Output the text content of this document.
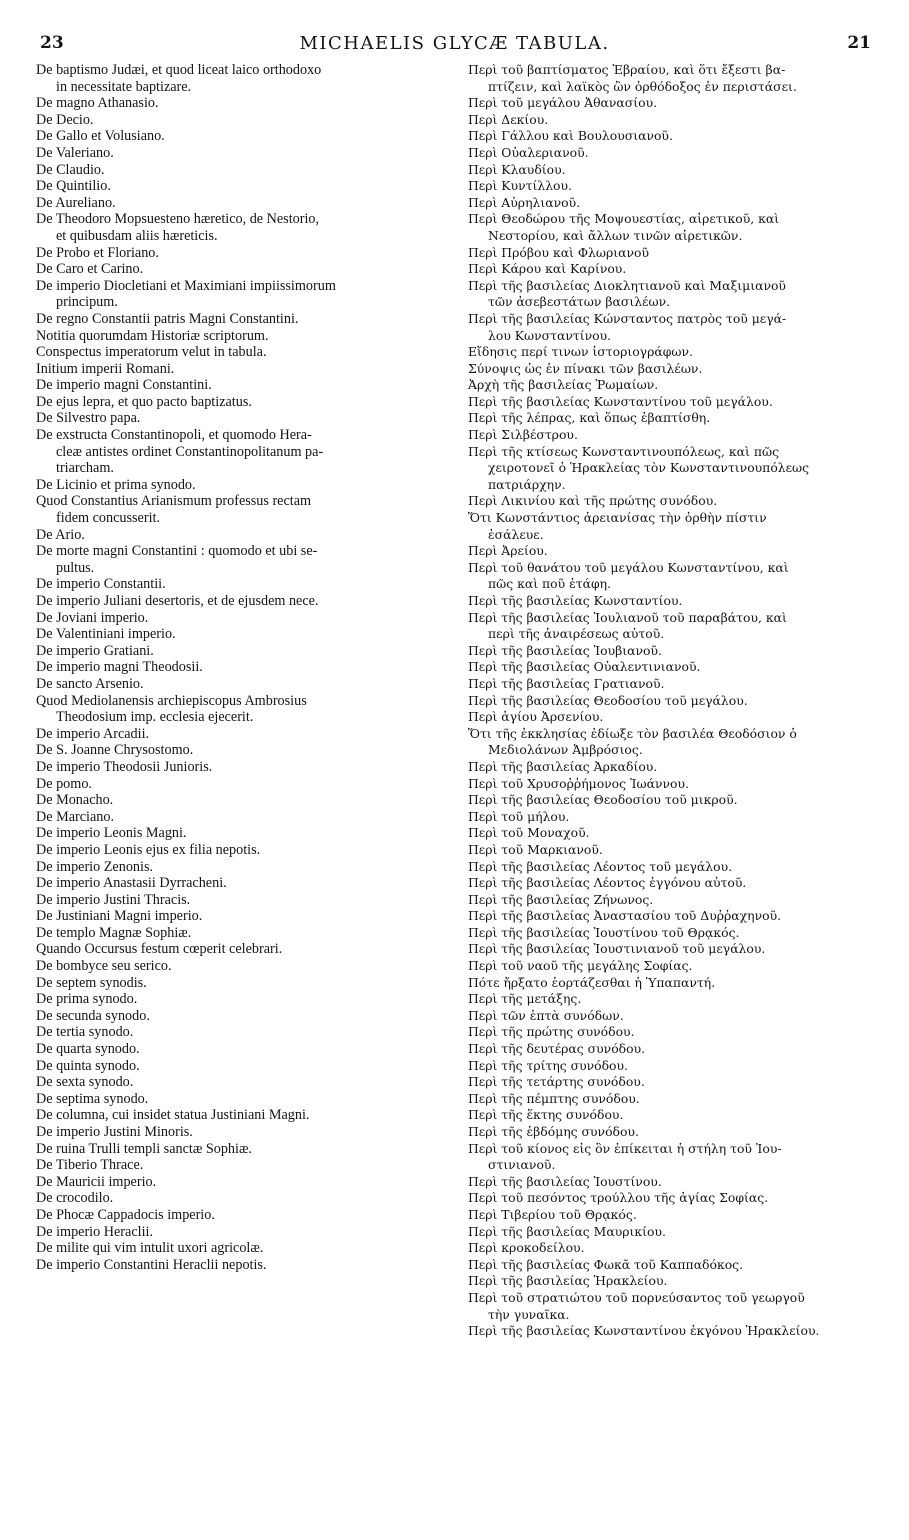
23	MICHAELIS GLYCÆ TABULA.	21
De baptismo Judæi, et quod liceat laico orthodoxo
in necessitate baptizare.
De magno Athanasio.
De Decio.
De Gallo et Volusiano.
De Valeriano.
De Claudio.
De Quintilio.
De Aureliano.
De Theodoro Mopsuesteno hæretico, de Nestorio,
et quibusdam aliis hæreticis.
De Probo et Floriano.
De Caro et Carino.
De imperio Diocletiani et Maximiani impiissimorum
principum.
De regno Constantii patris Magni Constantini.
Notitia quorumdam Historiæ scriptorum.
Conspectus imperatorum velut in tabula.
Initium imperii Romani.
De imperio magni Constantini.
De ejus lepra, et quo pacto baptizatus.
De Silvestro papa.
De exstructa Constantinopoli, et quomodo Hera-
cleæ antistes ordinet Constantinopolitanum pa-
triarcham.
De Licinio et prima synodo.
Quod Constantius Arianismum professus rectam
fidem concusserit.
De Ario.
De morte magni Constantini : quomodo et ubi se-
pultus.
De imperio Constantii.
De imperio Juliani desertoris, et de ejusdem nece.
De Joviani imperio.
De Valentiniani imperio.
De imperio Gratiani.
De imperio magni Theodosii.
De sancto Arsenio.
Quod Mediolanensis archiepiscopus Ambrosius
Theodosium imp. ecclesia ejecerit.
De imperio Arcadii.
De S. Joanne Chrysostomo.
De imperio Theodosii Junioris.
De pomo.
De Monacho.
De Marciano.
De imperio Leonis Magni.
De imperio Leonis ejus ex filia nepotis.
De imperio Zenonis.
De imperio Anastasii Dyrracheni.
De imperio Justini Thracis.
De Justiniani Magni imperio.
De templo Magnæ Sophiæ.
Quando Occursus festum cœperit celebrari.
De bombyce seu serico.
De septem synodis.
De prima synodo.
De secunda synodo.
De tertia synodo.
De quarta synodo.
De quinta synodo.
De sexta synodo.
De septima synodo.
De columna, cui insidet statua Justiniani Magni.
De imperio Justini Minoris.
De ruina Trulli templi sanctæ Sophiæ.
De Tiberio Thrace.
De Mauricii imperio.
De crocodilo.
De Phocæ Cappadocis imperio.
De imperio Heraclii.
De milite qui vim intulit uxori agricolæ.
De imperio Constantini Heraclii nepotis.
Περὶ τοῦ βαπτίσματος Ἑβραίου, καὶ ὅτι ἔξεστι βα-
πτίζειν, καὶ λαϊκὸς ὢν ὀρθόδοξος ἐν περιστάσει.
Περὶ τοῦ μεγάλου Ἀθανασίου.
Περὶ Δεκίου.
Περὶ Γάλλου καὶ Βουλουσιανοῦ.
Περὶ Οὐαλεριανοῦ.
Περὶ Κλαυδίου.
Περὶ Κυντίλλου.
Περὶ Αὐρηλιανοῦ.
Περὶ Θεοδώρου τῆς Μοψουεστίας, αἱρετικοῦ, καὶ
Νεστορίου, καὶ ἄλλων τινῶν αἱρετικῶν.
Περὶ Πρόβου καὶ Φλωριανοῦ
Περὶ Κάρου καὶ Καρίνου.
Περὶ τῆς βασιλείας Διοκλητιανοῦ καὶ Μαξιμιανοῦ
τῶν ἀσεβεστάτων βασιλέων.
Περὶ τῆς βασιλείας Κώνσταντος πατρὸς τοῦ μεγά-
λου Κωνσταντίνου.
Εἴδησις περί τινων ἱστοριογράφων.
Σύνοψις ὡς ἐν πίνακι τῶν βασιλέων.
Ἀρχὴ τῆς βασιλείας Ῥωμαίων.
Περὶ τῆς βασιλείας Κωνσταντίνου τοῦ μεγάλου.
Περὶ τῆς λέπρας, καὶ ὅπως ἐβαπτίσθη.
Περὶ Σιλβέστρου.
Περὶ τῆς κτίσεως Κωνσταντινουπόλεως, καὶ πῶς
χειροτονεῖ ὁ Ἡρακλείας τὸν Κωνσταντινουπόλεως
πατριάρχην.
Περὶ Λικινίου καὶ τῆς πρώτης συνόδου.
Ὅτι Κωνστάντιος ἀρειανίσας τὴν ὀρθὴν πίστιν
ἐσάλευε.
Περὶ Ἀρείου.
Περὶ τοῦ θανάτου τοῦ μεγάλου Κωνσταντίνου, καὶ
πῶς καὶ ποῦ ἐτάφη.
Περὶ τῆς βασιλείας Κωνσταντίου.
Περὶ τῆς βασιλείας Ἰουλιανοῦ τοῦ παραβάτου, καὶ
περὶ τῆς ἀναιρέσεως αὐτοῦ.
Περὶ τῆς βασιλείας Ἰουβιανοῦ.
Περὶ τῆς βασιλείας Οὐαλεντινιανοῦ.
Περὶ τῆς βασιλείας Γρατιανοῦ.
Περὶ τῆς βασιλείας Θεοδοσίου τοῦ μεγάλου.
Περὶ ἁγίου Ἀρσενίου.
Ὅτι τῆς ἐκκλησίας ἐδίωξε τὸν βασιλέα Θεοδόσιον ὁ
Μεδιολάνων Ἀμβρόσιος.
Περὶ τῆς βασιλείας Ἀρκαδίου.
Περὶ τοῦ Χρυσοῤῥήμονος Ἰωάννου.
Περὶ τῆς βασιλείας Θεοδοσίου τοῦ μικροῦ.
Περὶ τοῦ μήλου.
Περὶ τοῦ Μοναχοῦ.
Περὶ τοῦ Μαρκιανοῦ.
Περὶ τῆς βασιλείας Λέοντος τοῦ μεγάλου.
Περὶ τῆς βασιλείας Λέοντος ἐγγόνου αὐτοῦ.
Περὶ τῆς βασιλείας Ζήνωνος.
Περὶ τῆς βασιλείας Ἀναστασίου τοῦ Δυῤῥαχηνοῦ.
Περὶ τῆς βασιλείας Ἰουστίνου τοῦ Θρᾳκός.
Περὶ τῆς βασιλείας Ἰουστινιανοῦ τοῦ μεγάλου.
Περὶ τοῦ ναοῦ τῆς μεγάλης Σοφίας.
Πότε ἤρξατο ἑορτάζεσθαι ἡ Ὑπαπαντή.
Περὶ τῆς μετάξης.
Περὶ τῶν ἑπτὰ συνόδων.
Περὶ τῆς πρώτης συνόδου.
Περὶ τῆς δευτέρας συνόδου.
Περὶ τῆς τρίτης συνόδου.
Περὶ τῆς τετάρτης συνόδου.
Περὶ τῆς πέμπτης συνόδου.
Περὶ τῆς ἕκτης συνόδου.
Περὶ τῆς ἑβδόμης συνόδου.
Περὶ τοῦ κίονος εἰς ὃν ἐπίκειται ἡ στήλη τοῦ Ἰου-
στινιανοῦ.
Περὶ τῆς βασιλείας Ἰουστίνου.
Περὶ τοῦ πεσόντος τρούλλου τῆς ἁγίας Σοφίας.
Περὶ Τιβερίου τοῦ Θρᾳκός.
Περὶ τῆς βασιλείας Μαυρικίου.
Περὶ κροκοδείλου.
Περὶ τῆς βασιλείας Φωκᾶ τοῦ Καππαδόκος.
Περὶ τῆς βασιλείας Ἡρακλείου.
Περὶ τοῦ στρατιώτου τοῦ πορνεύσαντος τοῦ γεωργοῦ
τὴν γυναῖκα.
Περὶ τῆς βασιλείας Κωνσταντίνου ἐκγόνου Ἡρακλείου.
